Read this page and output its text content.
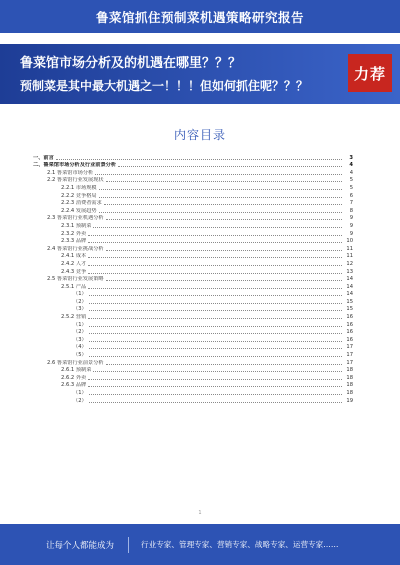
鲁菜馆抓住预制菜机遇策略研究报告
鲁菜馆市场分析及的机遇在哪里？？？
预制菜是其中最大机遇之一！！！但如何抓住呢？？？
力荐
内容目录
一、前言	3
二、鲁菜馆市场分析及行业前景分析	4
2.1 鲁菜馆市场分析	4
2.2 鲁菜馆行业发展现状	5
2.2.1 市场规模	5
2.2.2 竞争格局	6
2.2.3 消费者需求	7
2.2.4 发展趋势	8
2.3 鲁菜馆行业机遇分析	9
2.3.1 预制菜	9
2.3.2 外卖	9
2.3.3 品牌	10
2.4 鲁菜馆行业挑战分析	11
2.4.1 成本	11
2.4.2 人才	12
2.4.3 竞争	13
2.5 鲁菜馆行业发展策略	14
2.5.1 产品	14
（1）	14
（2）	15
（3）	15
2.5.2 营销	16
（1）	16
（2）	16
（3）	16
（4）	17
（5）	17
2.6 鲁菜馆行业前景分析	17
2.6.1 预制菜	18
2.6.2 外卖	18
2.6.3 品牌	18
（1）	18
（2）	19
1
让每个人都能成为	行业专家、管理专家、营销专家、战略专家、运营专家……
